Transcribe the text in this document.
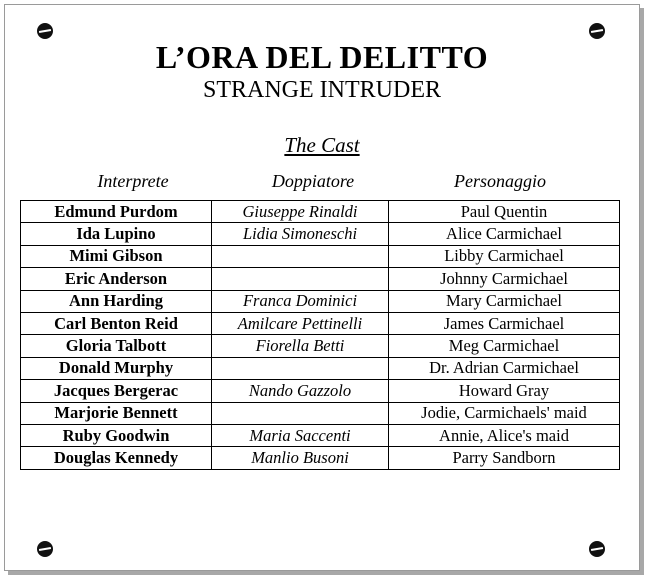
L’ORA DEL DELITTO
STRANGE INTRUDER
The Cast
Interprete	Doppiatore	Personaggio
Edmund Purdom	Giuseppe Rinaldi	Paul Quentin
Ida Lupino	Lidia Simoneschi	Alice Carmichael
Mimi Gibson		Libby Carmichael
Eric Anderson		Johnny Carmichael
Ann Harding	Franca Dominici	Mary Carmichael
Carl Benton Reid	Amilcare Pettinelli	James Carmichael
Gloria Talbott	Fiorella Betti	Meg Carmichael
Donald Murphy		Dr. Adrian Carmichael
Jacques Bergerac	Nando Gazzolo	Howard Gray
Marjorie Bennett		Jodie, Carmichaels' maid
Ruby Goodwin	Maria Saccenti	Annie, Alice's maid
Douglas Kennedy	Manlio Busoni	Parry Sandborn
